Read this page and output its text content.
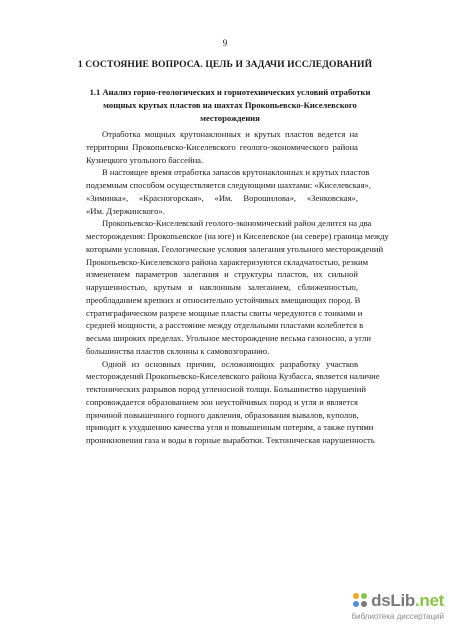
9
1 СОСТОЯНИЕ ВОПРОСА. ЦЕЛЬ И ЗАДАЧИ ИССЛЕДОВАНИЙ
1.1 Анализ горно-геологических и горнотехнических условий отработки
мощных крутых пластов на шахтах Прокопьевско-Киселевского
месторождения

Отработка мощных крутонаклонных и крутых пластов ведется на
территории Прокопьевско-Киселевского геолого-экономического района
Кузнецкого угольного бассейна.

В настоящее время отработка запасов крутонаклонных и крутых пластов
подземным способом осуществляется следующими шахтами: «Киселевская»,
«Зиминка», «Красногорская», «Им. Ворошилова», «Зенковская»,
«Им. Дзержинского».

Прокопьевско-Киселевский геолого-экономический район делится на два
месторождения: Прокопьевское (на юге) и Киселевское (на севере) граница между
которыми условная. Геологические условия залегания угольного месторождений
Прокопьевско-Киселевского района характеризуются складчатостью, резким
изменением параметров залегания и структуры пластов, их сильной
нарушенностью, крутым и наклонным залеганием, сближенностью,
преобладанием крепких и относительно устойчивых вмещающих пород. В
стратиграфическом разрезе мощные пласты свиты чередуются с тонкими и
средней мощности, а расстояние между отдельными пластами колеблется в
весьма широких пределах. Угольное месторождение весьма газоносно, а угли
большинства пластов склонны к самовозгоранию.

Одной из основных причин, осложняющих разработку участков
месторождений Прокопьевско-Киселевского района Кузбасса, является наличие
тектонических разрывов пород угленосной толщи. Большинство нарушений
сопровождается образованием зон неустойчивых пород и угля и является
причиной повышенного горного давления, образования вывалов, куполов,
приводит к ухудшению качества угля и повышенным потерям, а также путями
проникновения газа и воды в горные выработки. Тектоническая нарушенность

dsLib.net
библиотека диссертаций
